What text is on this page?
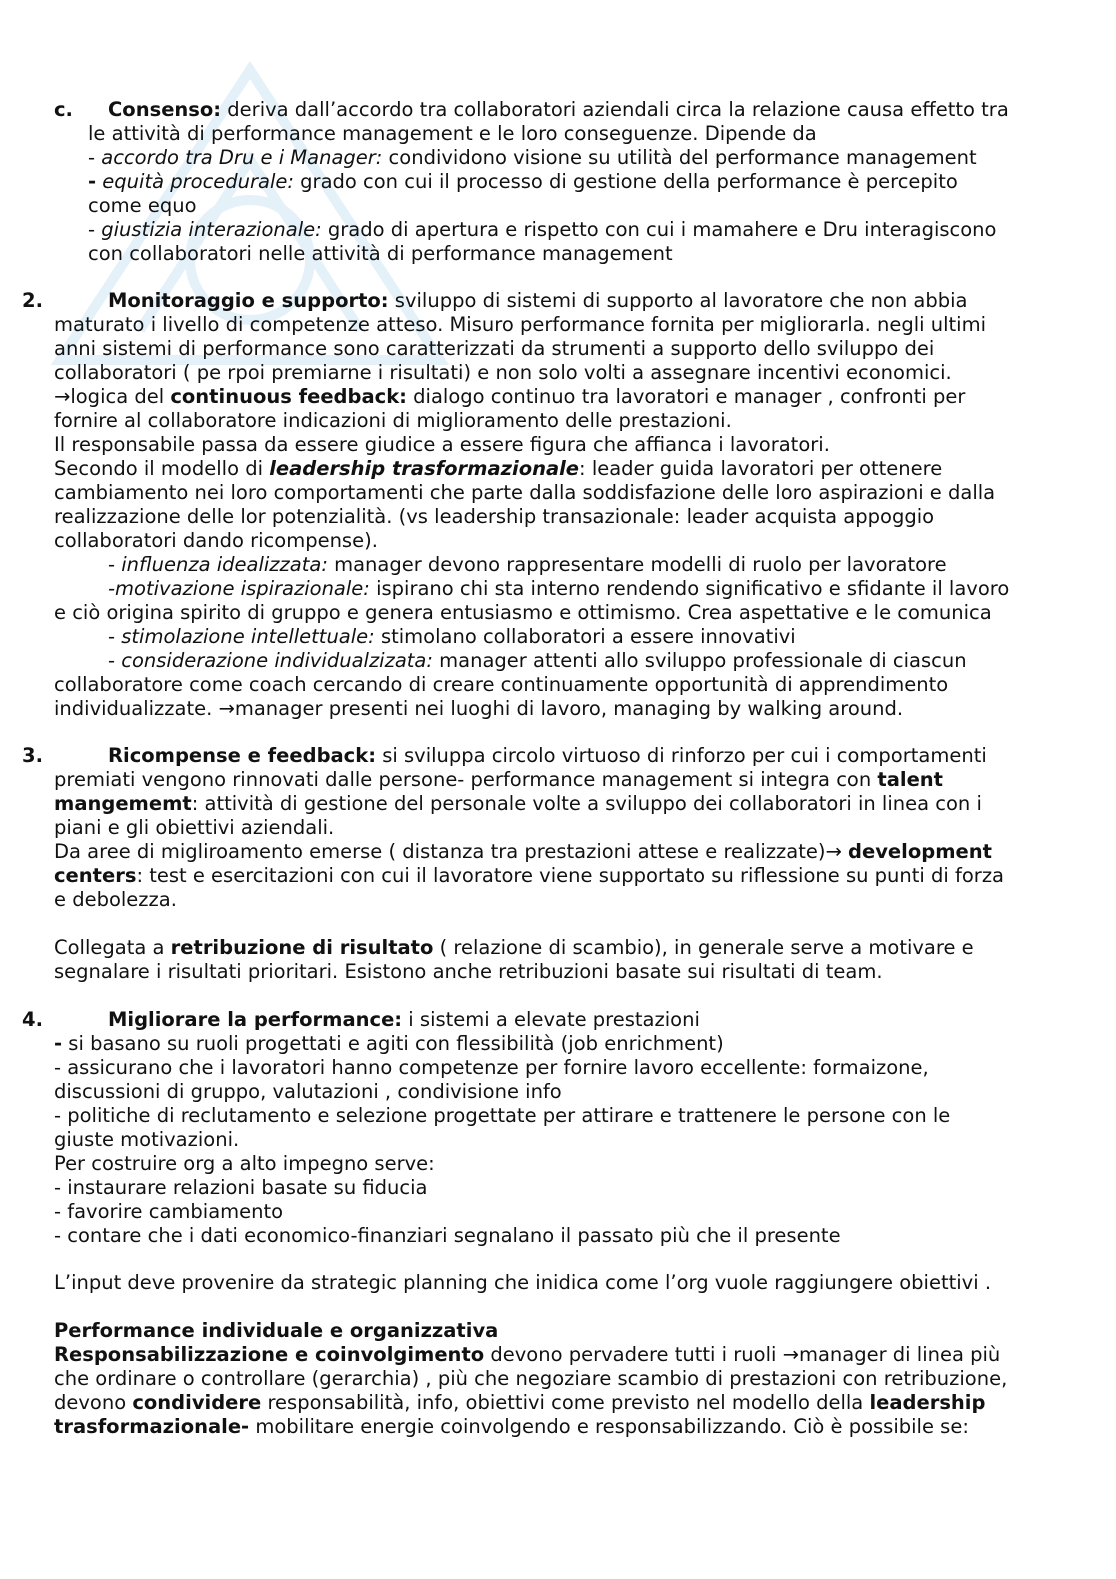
c. Consenso: deriva dall’accordo tra collaboratori aziendali circa la relazione causa effetto tra
le attività di performance management e le loro conseguenze. Dipende da
- accordo tra Dru e i Manager: condividono visione su utilità del performance management
- equità procedurale: grado con cui il processo di gestione della performance è percepito
come equo
- giustizia interazionale: grado di apertura e rispetto con cui i mamahere e Dru interagiscono
con collaboratori nelle attività di performance management
2.	Monitoraggio e supporto: sviluppo di sistemi di supporto al lavoratore che non abbia
maturato i livello di competenze atteso. Misuro performance fornita per migliorarla. negli ultimi
anni sistemi di performance sono caratterizzati da strumenti a supporto dello sviluppo dei
collaboratori ( pe rpoi premiarne i risultati) e non solo volti a assegnare incentivi economici.
→logica del continuous feedback: dialogo continuo tra lavoratori e manager , confronti per
fornire al collaboratore indicazioni di miglioramento delle prestazioni.
Il responsabile passa da essere giudice a essere figura che affianca i lavoratori.
Secondo il modello di leadership trasformazionale: leader guida lavoratori per ottenere
cambiamento nei loro comportamenti che parte dalla soddisfazione delle loro aspirazioni e dalla
realizzazione delle lor potenzialità. (vs leadership transazionale: leader acquista appoggio
collaboratori dando ricompense).
- influenza idealizzata: manager devono rappresentare modelli di ruolo per lavoratore
-motivazione ispirazionale: ispirano chi sta interno rendendo significativo e sfidante il lavoro
e ciò origina spirito di gruppo e genera entusiasmo e ottimismo. Crea aspettative e le comunica
- stimolazione intellettuale: stimolano collaboratori a essere innovativi
- considerazione individualzizata: manager attenti allo sviluppo professionale di ciascun
collaboratore come coach cercando di creare continuamente opportunità di apprendimento
individualizzate. →manager presenti nei luoghi di lavoro, managing by walking around.
3.	Ricompense e feedback: si sviluppa circolo virtuoso di rinforzo per cui i comportamenti
premiati vengono rinnovati dalle persone- performance management si integra con talent
mangememt: attività di gestione del personale volte a sviluppo dei collaboratori in linea con i
piani e gli obiettivi aziendali.
Da aree di migliroamento emerse ( distanza tra prestazioni attese e realizzate)→ development
centers: test e esercitazioni con cui il lavoratore viene supportato su riflessione su punti di forza
e debolezza.
Collegata a retribuzione di risultato ( relazione di scambio), in generale serve a motivare e
segnalare i risultati prioritari. Esistono anche retribuzioni basate sui risultati di team.
4.	Migliorare la performance: i sistemi a elevate prestazioni
- si basano su ruoli progettati e agiti con flessibilità (job enrichment)
- assicurano che i lavoratori hanno competenze per fornire lavoro eccellente: formaizone,
discussioni di gruppo, valutazioni , condivisione info
- politiche di reclutamento e selezione progettate per attirare e trattenere le persone con le
giuste motivazioni.
Per costruire org a alto impegno serve:
- instaurare relazioni basate su fiducia
- favorire cambiamento
- contare che i dati economico-finanziari segnalano il passato più che il presente
L’input deve provenire da strategic planning che inidica come l’org vuole raggiungere obiettivi .
Performance individuale e organizzativa
Responsabilizzazione e coinvolgimento devono pervadere tutti i ruoli →manager di linea più
che ordinare o controllare (gerarchia) , più che negoziare scambio di prestazioni con retribuzione,
devono condividere responsabilità, info, obiettivi come previsto nel modello della leadership
trasformazionale- mobilitare energie coinvolgendo e responsabilizzando. Ciò è possibile se:
